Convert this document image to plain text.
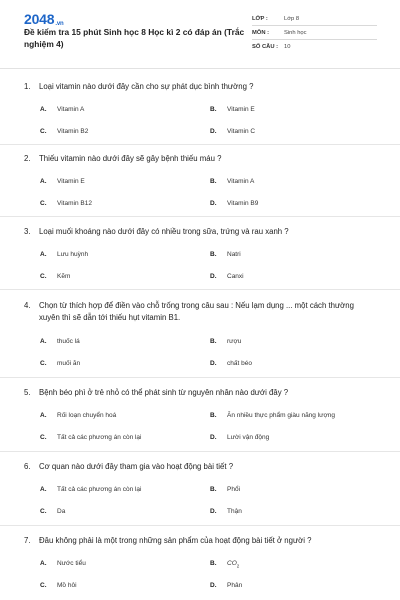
2048.vn
Đề kiểm tra 15 phút Sinh học 8 Học kì 2 có đáp án (Trắc nghiệm 4)
LỚP :	Lớp 8
MÔN :	Sinh học
SỐ CÂU :	10
1. Loại vitamin nào dưới đây cần cho sự phát dục bình thường ?
A. Vitamin A	B. Vitamin E
C. Vitamin B2	D. Vitamin C
2. Thiếu vitamin nào dưới đây sẽ gây bệnh thiếu máu ?
A. Vitamin E	B. Vitamin A
C. Vitamin B12	D. Vitamin B9
3. Loại muối khoáng nào dưới đây có nhiều trong sữa, trứng và rau xanh ?
A. Lưu huỳnh	B. Natri
C. Kẽm	D. Canxi
4. Chọn từ thích hợp để điền vào chỗ trống trong câu sau : Nếu lạm dụng ... một cách thường xuyên thì sẽ dẫn tới thiếu hụt vitamin B1.
A. thuốc lá	B. rượu
C. muối ăn	D. chất béo
5. Bệnh béo phì ở trẻ nhỏ có thể phát sinh từ nguyên nhân nào dưới đây ?
A. Rối loạn chuyển hoá	B. Ăn nhiều thực phẩm giàu năng lượng
C. Tất cả các phương án còn lại	D. Lười vận động
6. Cơ quan nào dưới đây tham gia vào hoạt động bài tiết ?
A. Tất cả các phương án còn lại	B. Phổi
C. Da	D. Thận
7. Đâu không phải là một trong những sản phẩm của hoạt động bài tiết ở người ?
A. Nước tiểu	B. $CO_2$
C. Mồ hôi	D. Phân
